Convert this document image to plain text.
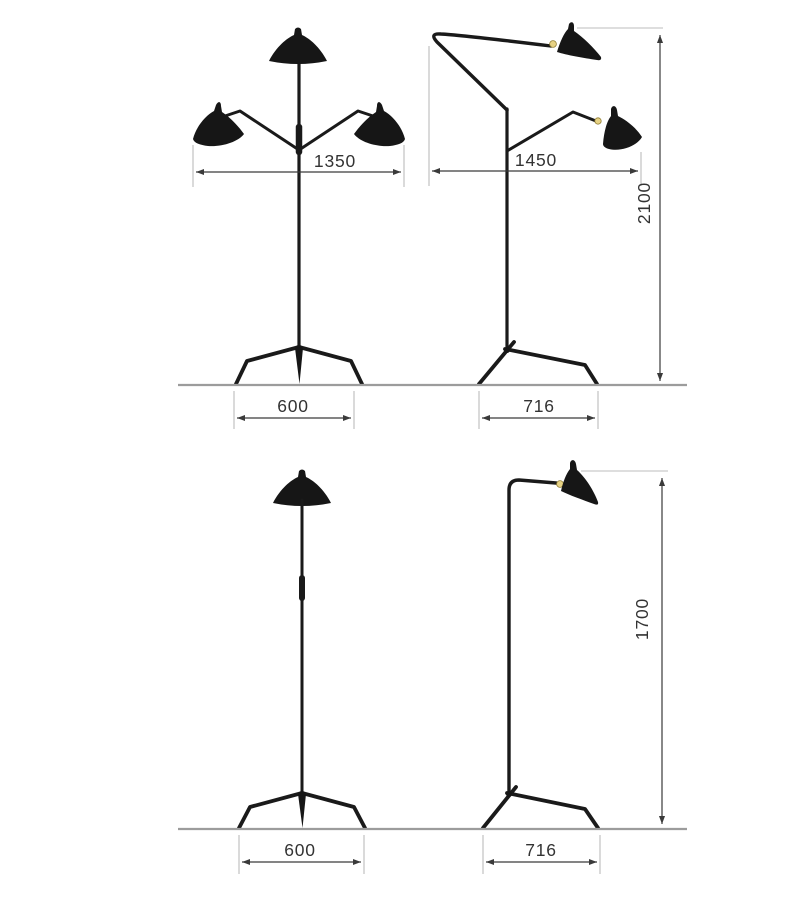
1350	1450
2100
600	716
1700
600	716
